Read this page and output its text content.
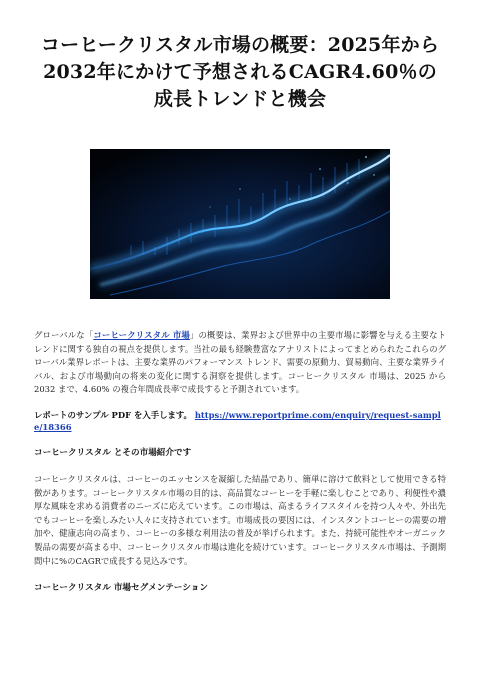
コーヒークリスタル市場の概要：2025年から2032年にかけて予想されるCAGR4.60％の成長トレンドと機会

グローバルな「コーヒークリスタル 市場」の概要は、業界および世界中の主要市場に影響を与える主要なトレンドに関する独自の視点を提供します。当社の最も経験豊富なアナリストによってまとめられたこれらのグローバル業界レポートは、主要な業界のパフォーマンス トレンド、需要の原動力、貿易動向、主要な業界ライバル、および市場動向の将来の変化に関する洞察を提供します。コーヒークリスタル 市場は、2025 から 2032 まで、4.60% の複合年間成長率で成長すると予測されています。

レポートのサンプル PDF を入手します。 https://www.reportprime.com/enquiry/request-sample/18366

コーヒークリスタル とその市場紹介です

コーヒークリスタルは、コーヒーのエッセンスを凝縮した結晶であり、簡単に溶けて飲料として使用できる特徴があります。コーヒークリスタル市場の目的は、高品質なコーヒーを手軽に楽しむことであり、利便性や濃厚な風味を求める消費者のニーズに応えています。この市場は、高まるライフスタイルを持つ人々や、外出先でもコーヒーを楽しみたい人々に支持されています。市場成長の要因には、インスタントコーヒーの需要の増加や、健康志向の高まり、コーヒーの多様な利用法の普及が挙げられます。また、持続可能性やオーガニック製品の需要が高まる中、コーヒークリスタル市場は進化を続けています。コーヒークリスタル市場は、予測期間中に%のCAGRで成長する見込みです。

コーヒークリスタル 市場セグメンテーション
